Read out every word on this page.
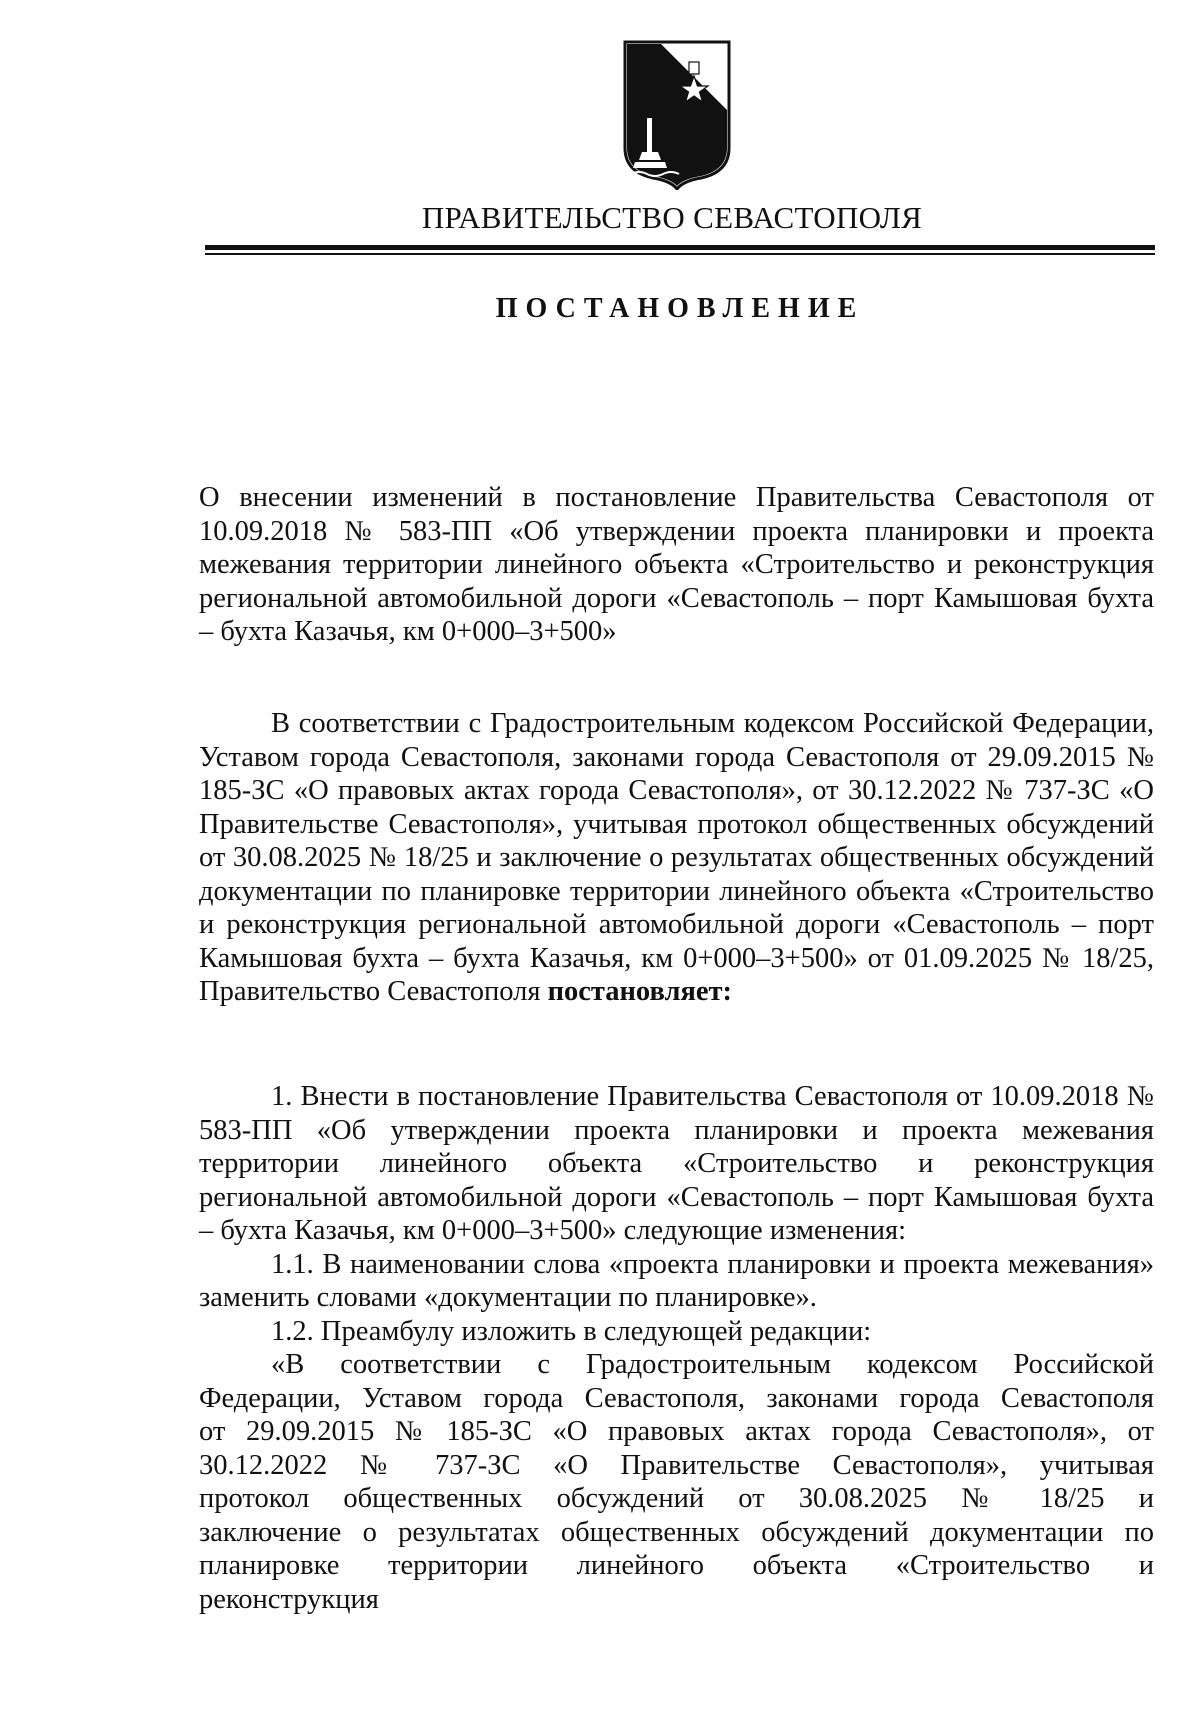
ПРАВИТЕЛЬСТВО СЕВАСТОПОЛЯ
ПОСТАНОВЛЕНИЕ

О внесении изменений в постановление Правительства Севастополя от 10.09.2018 № 583-ПП «Об утверждении проекта планировки и проекта межевания территории линейного объекта «Строительство и реконструкция региональной автомобильной дороги «Севастополь – порт Камышовая бухта – бухта Казачья, км 0+000–3+500»

В соответствии с Градостроительным кодексом Российской Федерации, Уставом города Севастополя, законами города Севастополя от 29.09.2015 № 185-ЗС «О правовых актах города Севастополя», от 30.12.2022 № 737-ЗС «О Правительстве Севастополя», учитывая протокол общественных обсуждений от 30.08.2025 № 18/25 и заключение о результатах общественных обсуждений документации по планировке территории линейного объекта «Строительство и реконструкция региональной автомобильной дороги «Севастополь – порт Камышовая бухта – бухта Казачья, км 0+000–3+500» от 01.09.2025 № 18/25, Правительство Севастополя постановляет:

1. Внести в постановление Правительства Севастополя от 10.09.2018 № 583-ПП «Об утверждении проекта планировки и проекта межевания территории линейного объекта «Строительство и реконструкция региональной автомобильной дороги «Севастополь – порт Камышовая бухта – бухта Казачья, км 0+000–3+500» следующие изменения:

1.1. В наименовании слова «проекта планировки и проекта межевания» заменить словами «документации по планировке».

1.2. Преамбулу изложить в следующей редакции:

«В соответствии с Градостроительным кодексом Российской Федерации, Уставом города Севастополя, законами города Севастополя от 29.09.2015 № 185-ЗС «О правовых актах города Севастополя», от 30.12.2022 № 737-ЗС «О Правительстве Севастополя», учитывая протокол общественных обсуждений от 30.08.2025 № 18/25 и заключение о результатах общественных обсуждений документации по планировке территории линейного объекта «Строительство и реконструкция
